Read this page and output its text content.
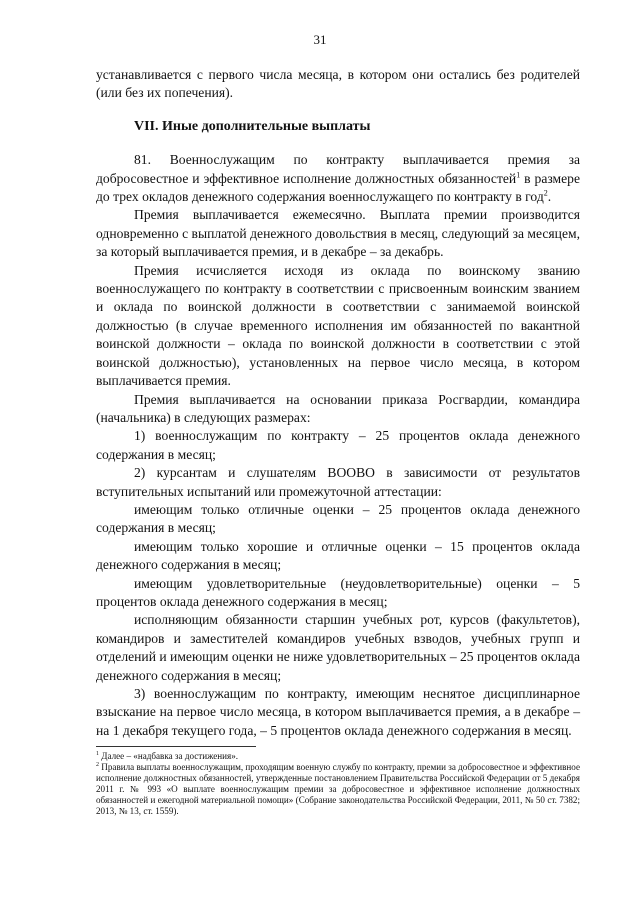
31

устанавливается с первого числа месяца, в котором они остались без родителей (или без их попечения).

VII. Иные дополнительные выплаты

81. Военнослужащим по контракту выплачивается премия за добросовестное и эффективное исполнение должностных обязанностей$^1$ в размере до трех окладов денежного содержания военнослужащего по контракту в год$^2$.

Премия выплачивается ежемесячно. Выплата премии производится одновременно с выплатой денежного довольствия в месяц, следующий за месяцем, за который выплачивается премия, и в декабре – за декабрь.

Премия исчисляется исходя из оклада по воинскому званию военнослужащего по контракту в соответствии с присвоенным воинским званием и оклада по воинской должности в соответствии с занимаемой воинской должностью (в случае временного исполнения им обязанностей по вакантной воинской должности – оклада по воинской должности в соответствии с этой воинской должностью), установленных на первое число месяца, в котором выплачивается премия.

Премия выплачивается на основании приказа Росгвардии, командира (начальника) в следующих размерах:

1) военнослужащим по контракту – 25 процентов оклада денежного содержания в месяц;

2) курсантам и слушателям ВООВО в зависимости от результатов вступительных испытаний или промежуточной аттестации:

имеющим только отличные оценки – 25 процентов оклада денежного содержания в месяц;

имеющим только хорошие и отличные оценки – 15 процентов оклада денежного содержания в месяц;

имеющим удовлетворительные (неудовлетворительные) оценки – 5 процентов оклада денежного содержания в месяц;

исполняющим обязанности старшин учебных рот, курсов (факультетов), командиров и заместителей командиров учебных взводов, учебных групп и отделений и имеющим оценки не ниже удовлетворительных – 25 процентов оклада денежного содержания в месяц;

3) военнослужащим по контракту, имеющим неснятое дисциплинарное взыскание на первое число месяца, в котором выплачивается премия, а в декабре – на 1 декабря текущего года, – 5 процентов оклада денежного содержания в месяц.

$^1$ Далее – «надбавка за достижения».

$^2$ Правила выплаты военнослужащим, проходящим военную службу по контракту, премии за добросовестное и эффективное исполнение должностных обязанностей, утвержденные постановлением Правительства Российской Федерации от 5 декабря 2011 г. № 993 «О выплате военнослужащим премии за добросовестное и эффективное исполнение должностных обязанностей и ежегодной материальной помощи» (Собрание законодательства Российской Федерации, 2011, № 50 ст. 7382; 2013, № 13, ст. 1559).
